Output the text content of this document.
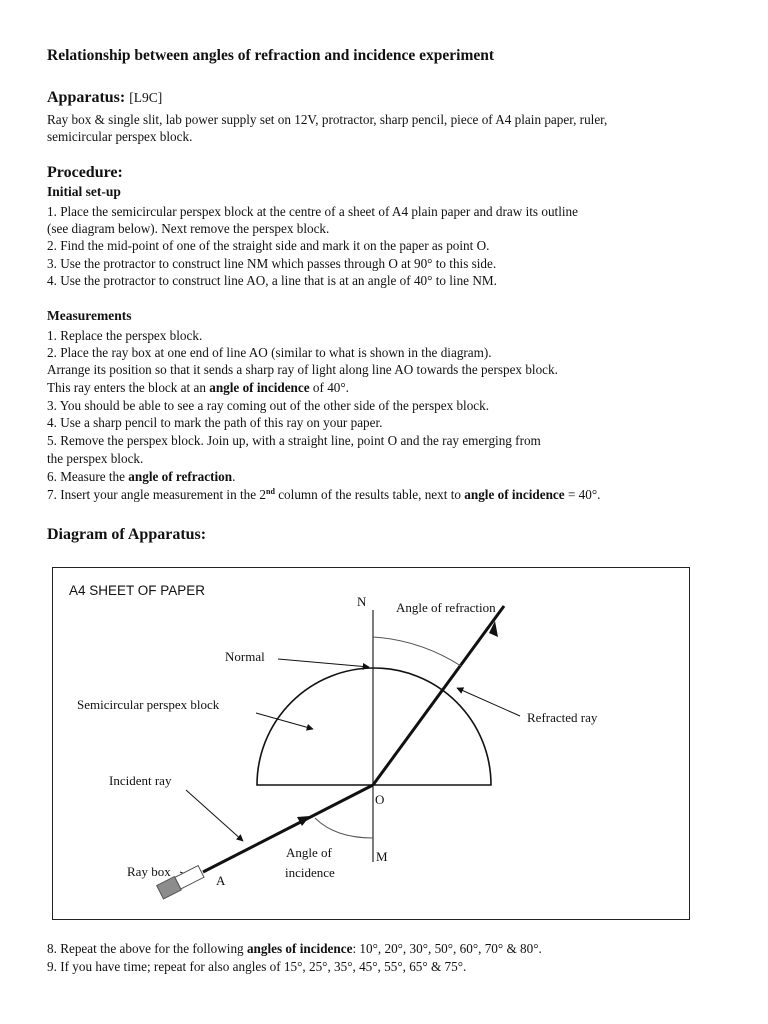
Relationship between angles of refraction and incidence experiment
Apparatus: [L9C]
Ray box & single slit, lab power supply set on 12V, protractor, sharp pencil, piece of A4 plain paper, ruler,
semicircular perspex block.
Procedure:
Initial set-up
1. Place the semicircular perspex block at the centre of a sheet of A4 plain paper and draw its outline
(see diagram below). Next remove the perspex block.
2. Find the mid-point of one of the straight side and mark it on the paper as point O.
3. Use the protractor to construct line NM which passes through O at 90° to this side.
4. Use the protractor to construct line AO, a line that is at an angle of 40° to line NM.
Measurements
1. Replace the perspex block.
2. Place the ray box at one end of line AO (similar to what is shown in the diagram).
Arrange its position so that it sends a sharp ray of light along line AO towards the perspex block.
This ray enters the block at an angle of incidence of 40°.
3. You should be able to see a ray coming out of the other side of the perspex block.
4. Use a sharp pencil to mark the path of this ray on your paper.
5. Remove the perspex block. Join up, with a straight line, point O and the ray emerging from
the perspex block.
6. Measure the angle of refraction.
7. Insert your angle measurement in the 2nd column of the results table, next to angle of incidence = 40°.
Diagram of Apparatus:
A4 SHEET OF PAPER
N Angle of refraction
Normal
Semicircular perspex block
Refracted ray
Incident ray
O
Angle of
incidence
M
Ray box
A
8. Repeat the above for the following angles of incidence: 10°, 20°, 30°, 50°, 60°, 70° & 80°.
9. If you have time; repeat for also angles of 15°, 25°, 35°, 45°, 55°, 65° & 75°.
